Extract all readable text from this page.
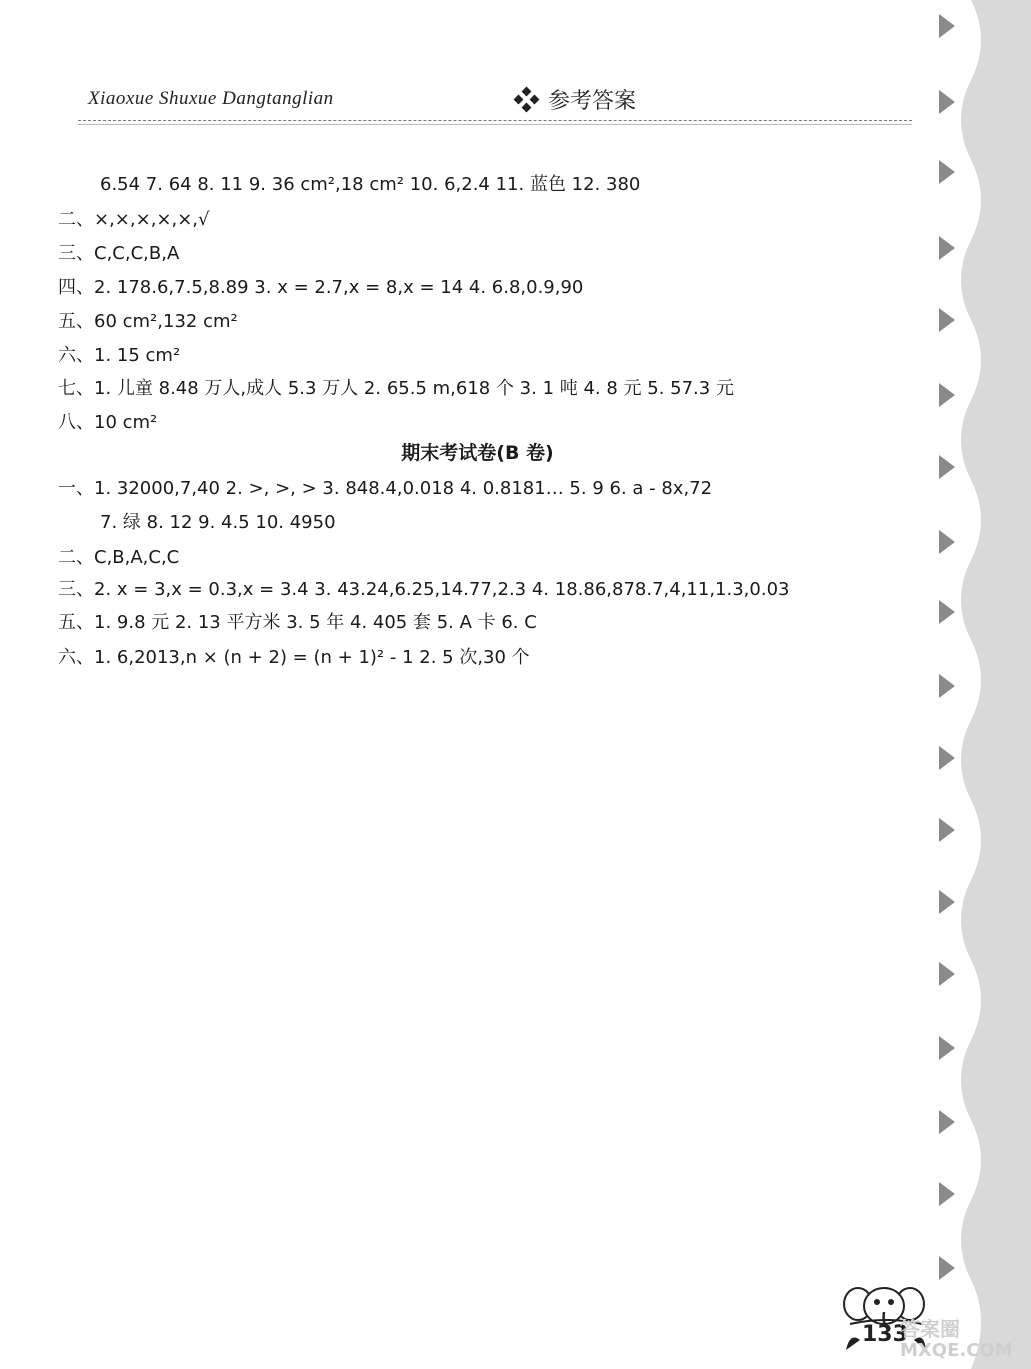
Xiaoxue Shuxue Dangtanglian	参考答案
6.54 7. 64 8. 11 9. 36 cm²,18 cm² 10. 6,2.4 11. 蓝色 12. 380
二、×,×,×,×,×,√
三、C,C,C,B,A
四、2. 178.6,7.5,8.89 3. x = 2.7,x = 8,x = 14 4. 6.8,0.9,90
五、60 cm²,132 cm²
六、1. 15 cm²
七、1. 儿童 8.48 万人,成人 5.3 万人 2. 65.5 m,618 个 3. 1 吨 4. 8 元 5. 57.3 元
八、10 cm²
期末考试卷(B 卷)
一、1. 32000,7,40 2. >, >, > 3. 848.4,0.018 4. 0.8181… 5. 9 6. a - 8x,72
7. 绿 8. 12 9. 4.5 10. 4950
二、C,B,A,C,C
三、2. x = 3,x = 0.3,x = 3.4 3. 43.24,6.25,14.77,2.3 4. 18.86,878.7,4,11,1.3,0.03
五、1. 9.8 元 2. 13 平方米 3. 5 年 4. 405 套 5. A 卡 6. C
六、1. 6,2013,n × (n + 2) = (n + 1)² - 1 2. 5 次,30 个
133
答案圈
MXQE.COM
